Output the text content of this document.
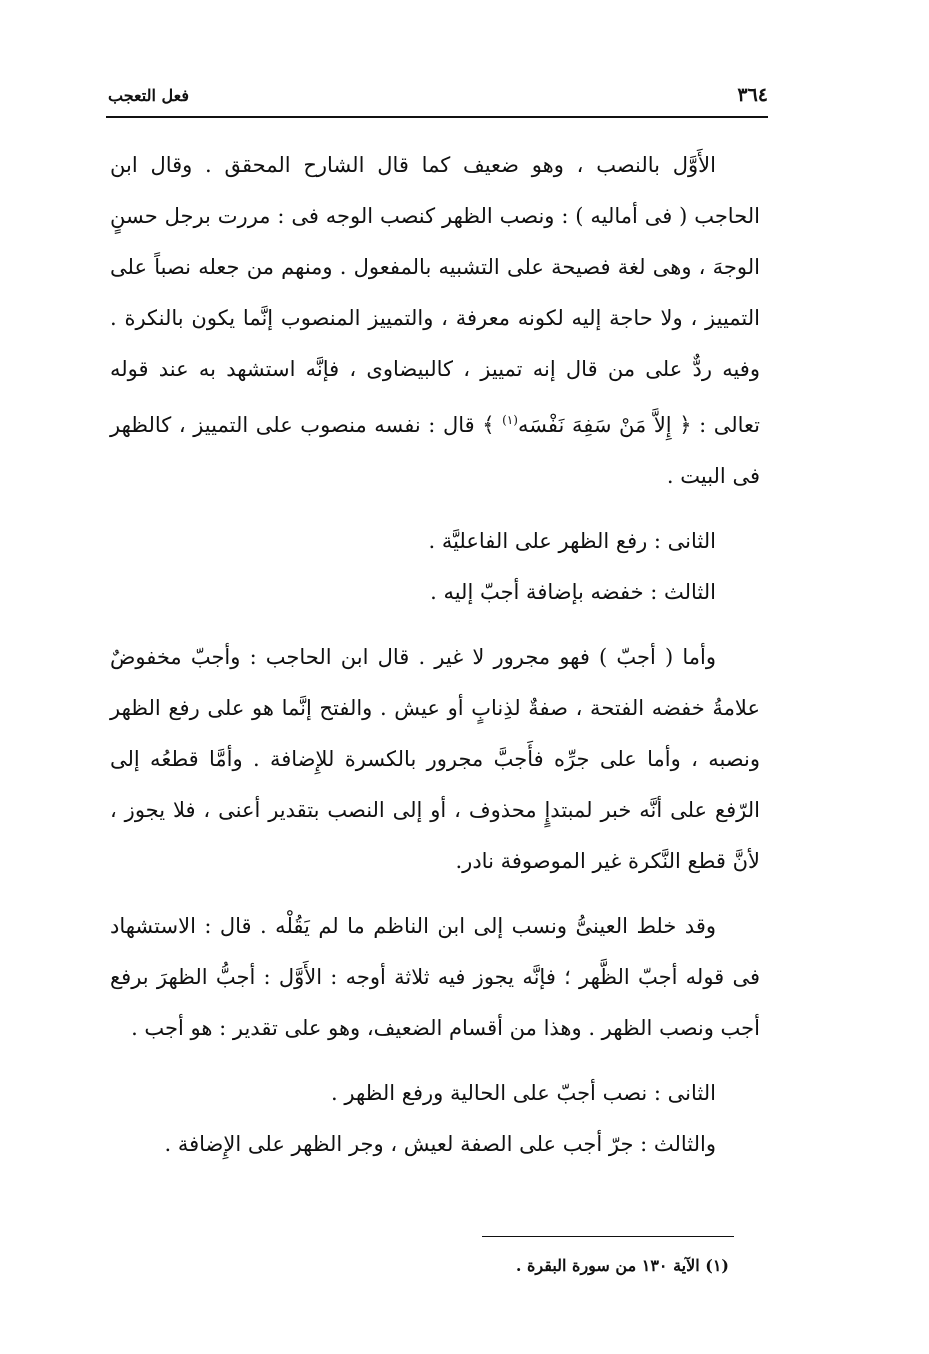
٣٦٤
فعل التعجب

الأَوَّل بالنصب ، وهو ضعيف كما قال الشارح المحقق . وقال ابن الحاجب ( فى أماليه ) : ونصب الظهر كنصب الوجه فى : مررت برجل حسنٍ الوجهَ ، وهى لغة فصيحة على التشبيه بالمفعول . ومنهم من جعله نصباً على التمييز ، ولا حاجة إليه لكونه معرفة ، والتمييز المنصوب إنَّما يكون بالنكرة . وفيه ردٌّ على من قال إنه تمييز ، كالبيضاوى ، فإنَّه استشهد به عند قوله تعالى : ﴿ إِلاَّ مَنْ سَفِهَ نَفْسَه$^{(١)}$ ﴾ قال : نفسه منصوب على التمييز ، كالظهر فى البيت .

الثانى : رفع الظهر على الفاعليَّة .

الثالث : خفضه بإضافة أجبّ إليه .

وأما ( أجبّ ) فهو مجرور لا غير . قال ابن الحاجب : وأجبّ مخفوضٌ علامةُ خفضه الفتحة ، صفةٌ لذِنابٍ أو عيش . والفتح إنَّما هو على رفع الظهر ونصبه ، وأما على جرِّه فأَجبَّ مجرور بالكسرة للإِضافة . وأمَّا قطعُه إلى الرّفع على أنَّه خبر لمبتدإٍ محذوف ، أو إلى النصب بتقدير أعنى ، فلا يجوز ، لأنَّ قطع النَّكرة غير الموصوفة نادر.

وقد خلط العينىُّ ونسب إلى ابن الناظم ما لم يَقُلْه . قال : الاستشهاد فى قوله أجبّ الظَّهر ؛ فإنَّه يجوز فيه ثلاثة أوجه : الأَوَّل : أجبُّ الظهرَ برفع أجب ونصب الظهر . وهذا من أقسام الضعيف، وهو على تقدير : هو أجب .

الثانى : نصب أجبّ على الحالية ورفع الظهر .

والثالث : جرّ أجب على الصفة لعيش ، وجر الظهر على الإِضافة .

(١) الآية ١٣٠ من سورة البقرة .
